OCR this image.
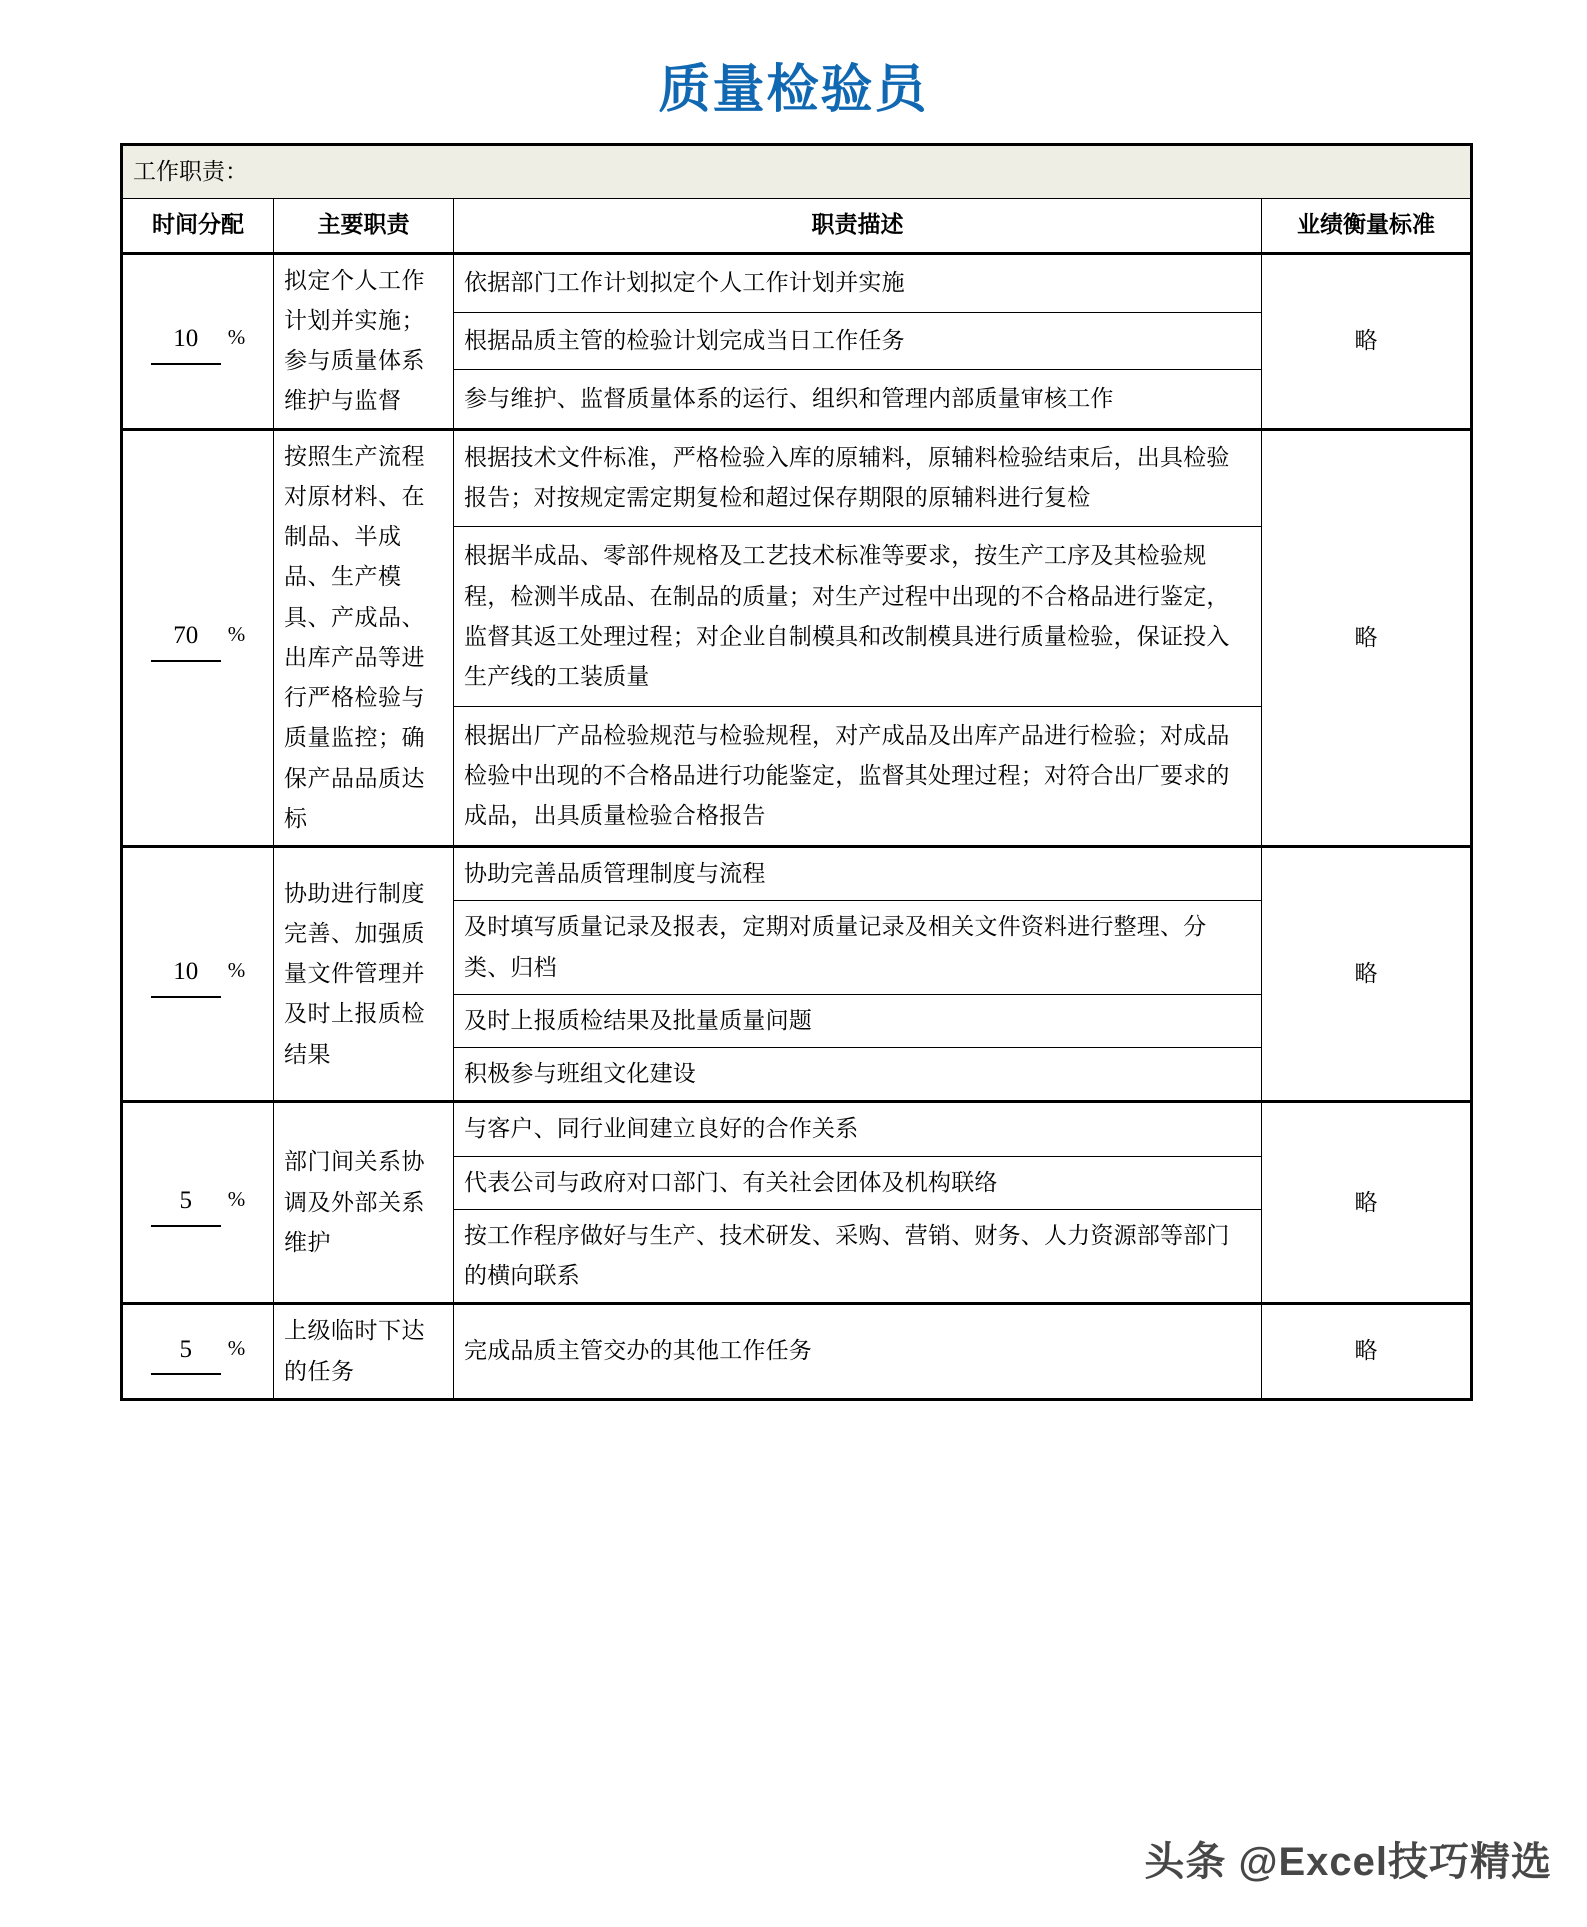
质量检验员
工作职责：			
时间分配	主要职责	职责描述	业绩衡量标准
10 %	拟定个人工作计划并实施；参与质量体系维护与监督	依据部门工作计划拟定个人工作计划并实施	略
		根据品质主管的检验计划完成当日工作任务	
		参与维护、监督质量体系的运行、组织和管理内部质量审核工作	
70 %	按照生产流程对原材料、在制品、半成品、生产模具、产成品、出库产品等进行严格检验与质量监控；确保产品品质达标	根据技术文件标准，严格检验入库的原辅料，原辅料检验结束后，出具检验报告；对按规定需定期复检和超过保存期限的原辅料进行复检	略
		根据半成品、零部件规格及工艺技术标准等要求，按生产工序及其检验规程，检测半成品、在制品的质量；对生产过程中出现的不合格品进行鉴定，监督其返工处理过程；对企业自制模具和改制模具进行质量检验，保证投入生产线的工装质量	
		根据出厂产品检验规范与检验规程，对产成品及出库产品进行检验；对成品检验中出现的不合格品进行功能鉴定，监督其处理过程；对符合出厂要求的成品，出具质量检验合格报告	
10 %	协助进行制度完善、加强质量文件管理并及时上报质检结果	协助完善品质管理制度与流程	略
		及时填写质量记录及报表，定期对质量记录及相关文件资料进行整理、分类、归档	
		及时上报质检结果及批量质量问题	
		积极参与班组文化建设	
5 %	部门间关系协调及外部关系维护	与客户、同行业间建立良好的合作关系	略
		代表公司与政府对口部门、有关社会团体及机构联络	
		按工作程序做好与生产、技术研发、采购、营销、财务、人力资源部等部门的横向联系	
5 %	上级临时下达的任务	完成品质主管交办的其他工作任务	略
头条 @Excel技巧精选
